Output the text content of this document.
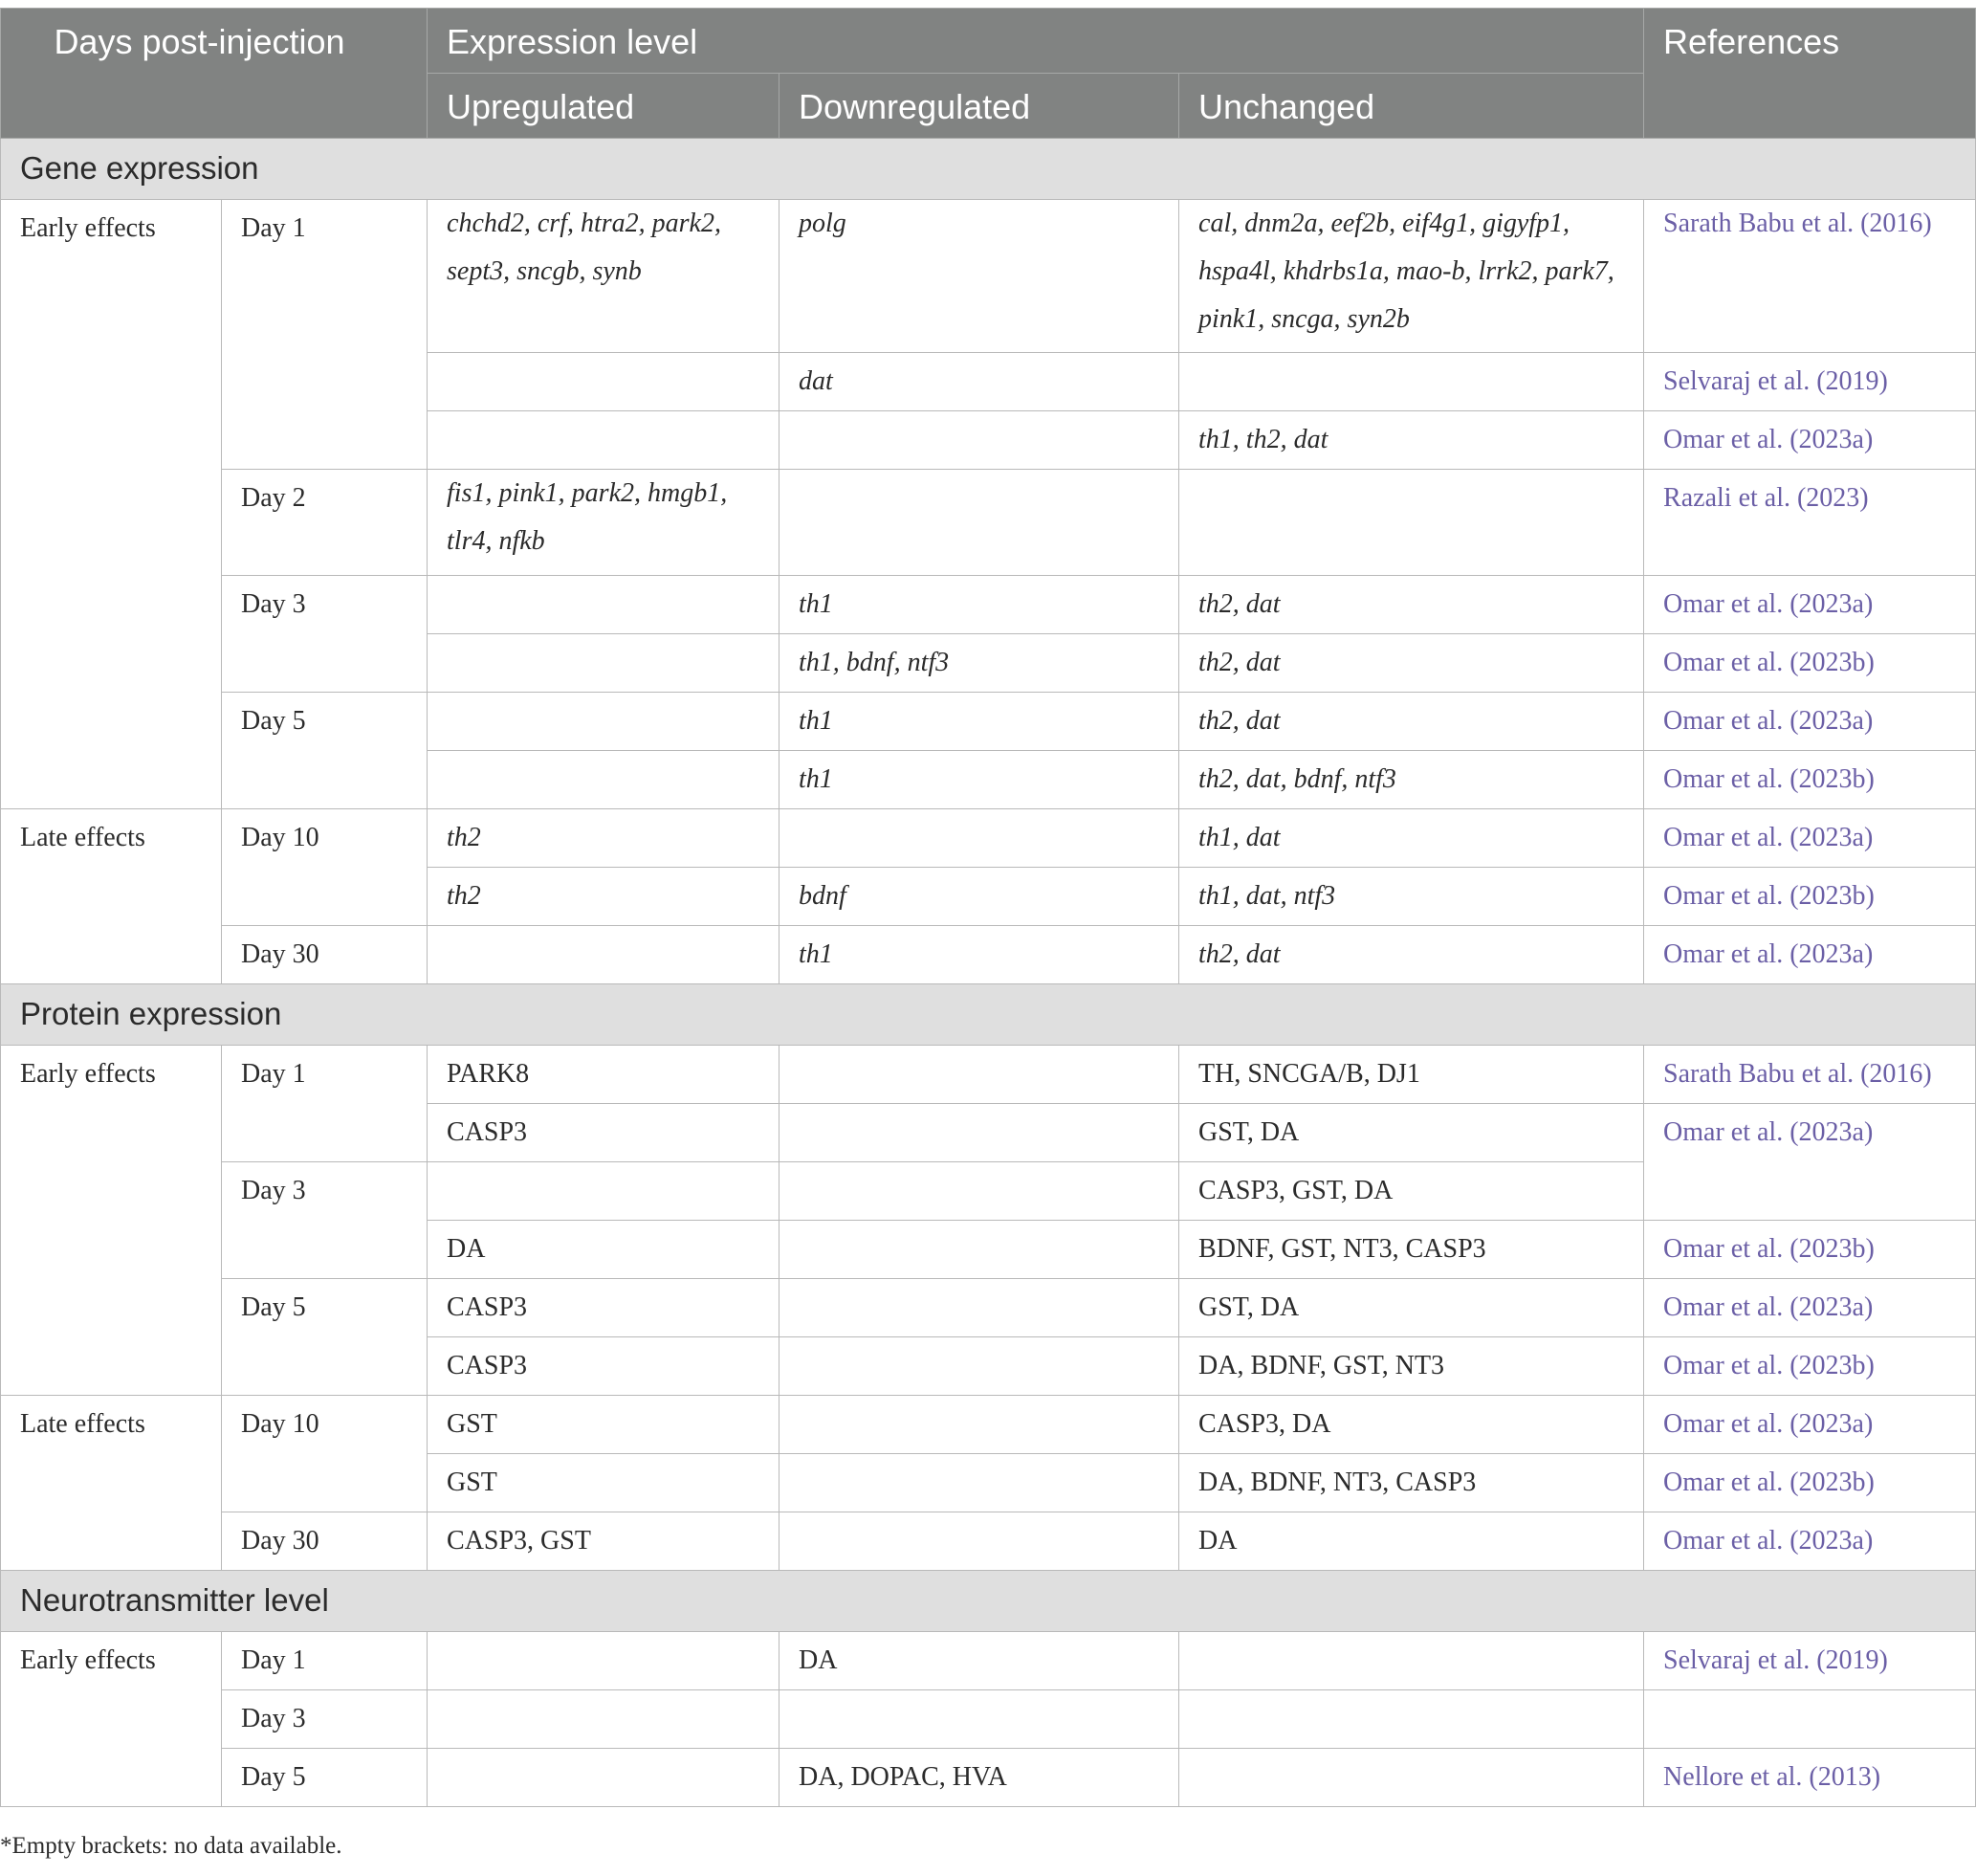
Days post-injection		Expression level			References
		Upregulated	Downregulated	Unchanged	
Gene expression					
Early effects	Day 1	chchd2, crf, htra2, park2, sept3, sncgb, synb	polg	cal, dnm2a, eef2b, eif4g1, gigyfp1, hspa4l, khdrbs1a, mao-b, lrrk2, park7, pink1, sncga, syn2b	Sarath Babu et al. (2016)
			dat		Selvaraj et al. (2019)
				th1, th2, dat	Omar et al. (2023a)
	Day 2	fis1, pink1, park2, hmgb1, tlr4, nfkb			Razali et al. (2023)
	Day 3		th1	th2, dat	Omar et al. (2023a)
			th1, bdnf, ntf3	th2, dat	Omar et al. (2023b)
	Day 5		th1	th2, dat	Omar et al. (2023a)
			th1	th2, dat, bdnf, ntf3	Omar et al. (2023b)
Late effects	Day 10	th2		th1, dat	Omar et al. (2023a)
		th2	bdnf	th1, dat, ntf3	Omar et al. (2023b)
	Day 30		th1	th2, dat	Omar et al. (2023a)
Protein expression					
Early effects	Day 1	PARK8		TH, SNCGA/B, DJ1	Sarath Babu et al. (2016)
		CASP3		GST, DA	Omar et al. (2023a)
	Day 3			CASP3, GST, DA	
		DA		BDNF, GST, NT3, CASP3	Omar et al. (2023b)
	Day 5	CASP3		GST, DA	Omar et al. (2023a)
		CASP3		DA, BDNF, GST, NT3	Omar et al. (2023b)
Late effects	Day 10	GST		CASP3, DA	Omar et al. (2023a)
		GST		DA, BDNF, NT3, CASP3	Omar et al. (2023b)
	Day 30	CASP3, GST		DA	Omar et al. (2023a)
Neurotransmitter level					
Early effects	Day 1		DA		Selvaraj et al. (2019)
	Day 3				
	Day 5		DA, DOPAC, HVA		Nellore et al. (2013)
*Empty brackets: no data available.
